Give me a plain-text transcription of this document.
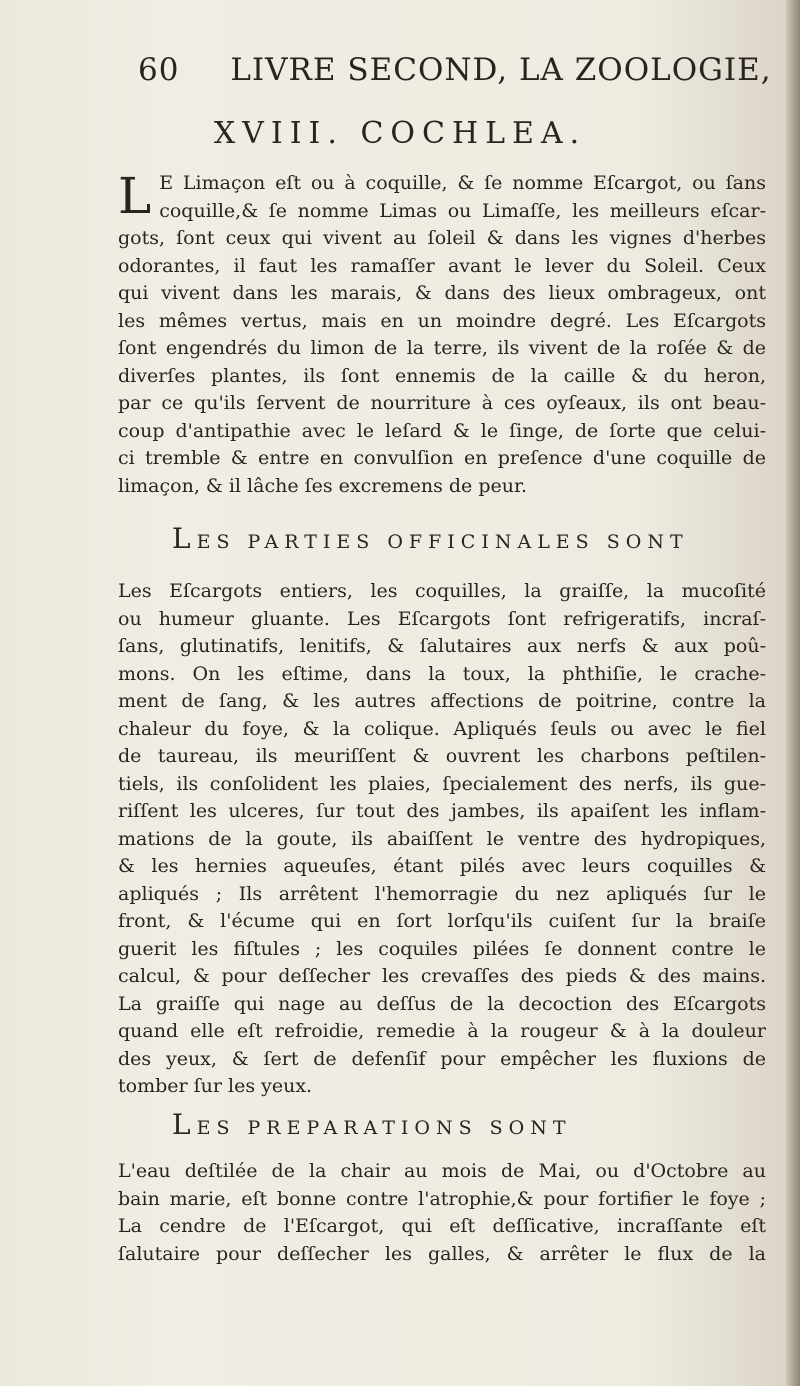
60 LIVRE SECOND, LA ZOOLOGIE,
XVIII. COCHLEA.
L E Limaçon eſt ou à coquille, & ſe nomme Eſcargot, ou ſans
coquille,& ſe nomme Limas ou Limaſſe, les meilleurs eſcar-
gots, ſont ceux qui vivent au ſoleil & dans les vignes d'herbes
odorantes, il faut les ramaſſer avant le lever du Soleil. Ceux
qui vivent dans les marais, & dans des lieux ombrageux, ont
les mêmes vertus, mais en un moindre degré. Les Eſcargots
ſont engendrés du limon de la terre, ils vivent de la roſée & de
diverſes plantes, ils ſont ennemis de la caille & du heron,
par ce qu'ils ſervent de nourriture à ces oyſeaux, ils ont beau-
coup d'antipathie avec le leſard & le ſinge, de ſorte que celui-
ci tremble & entre en convulſion en preſence d'une coquille de
limaçon, & il lâche ſes excremens de peur.
LES PARTIES OFFICINALES SONT
Les Eſcargots entiers, les coquilles, la graiſſe, la mucoſité
ou humeur gluante. Les Eſcargots ſont refrigeratifs, incraſ-
ſans, glutinatifs, lenitifs, & ſalutaires aux nerfs & aux poû-
mons. On les eſtime, dans la toux, la phthiſie, le crache-
ment de ſang, & les autres affections de poitrine, contre la
chaleur du foye, & la colique. Apliqués ſeuls ou avec le fiel
de taureau, ils meuriſſent & ouvrent les charbons peſtilen-
tiels, ils conſolident les plaies, ſpecialement des nerfs, ils gue-
riſſent les ulceres, ſur tout des jambes, ils apaiſent les inflam-
mations de la goute, ils abaiſſent le ventre des hydropiques,
& les hernies aqueuſes, étant pilés avec leurs coquilles &
apliqués ; Ils arrêtent l'hemorragie du nez apliqués ſur le
front, & l'écume qui en ſort lorſqu'ils cuiſent ſur la braiſe
guerit les fiſtules ; les coquiles pilées ſe donnent contre le
calcul, & pour deſſecher les crevaſſes des pieds & des mains.
La graiſſe qui nage au deſſus de la decoction des Eſcargots
quand elle eſt refroidie, remedie à la rougeur & à la douleur
des yeux, & ſert de defenſif pour empêcher les fluxions de
tomber ſur les yeux.
LES PREPARATIONS SONT
L'eau deſtilée de la chair au mois de Mai, ou d'Octobre au
bain marie, eſt bonne contre l'atrophie,& pour fortifier le foye ;
La cendre de l'Eſcargot, qui eſt deſſicative, incraſſante eſt
ſalutaire pour deſſecher les galles, & arrêter le flux de la
